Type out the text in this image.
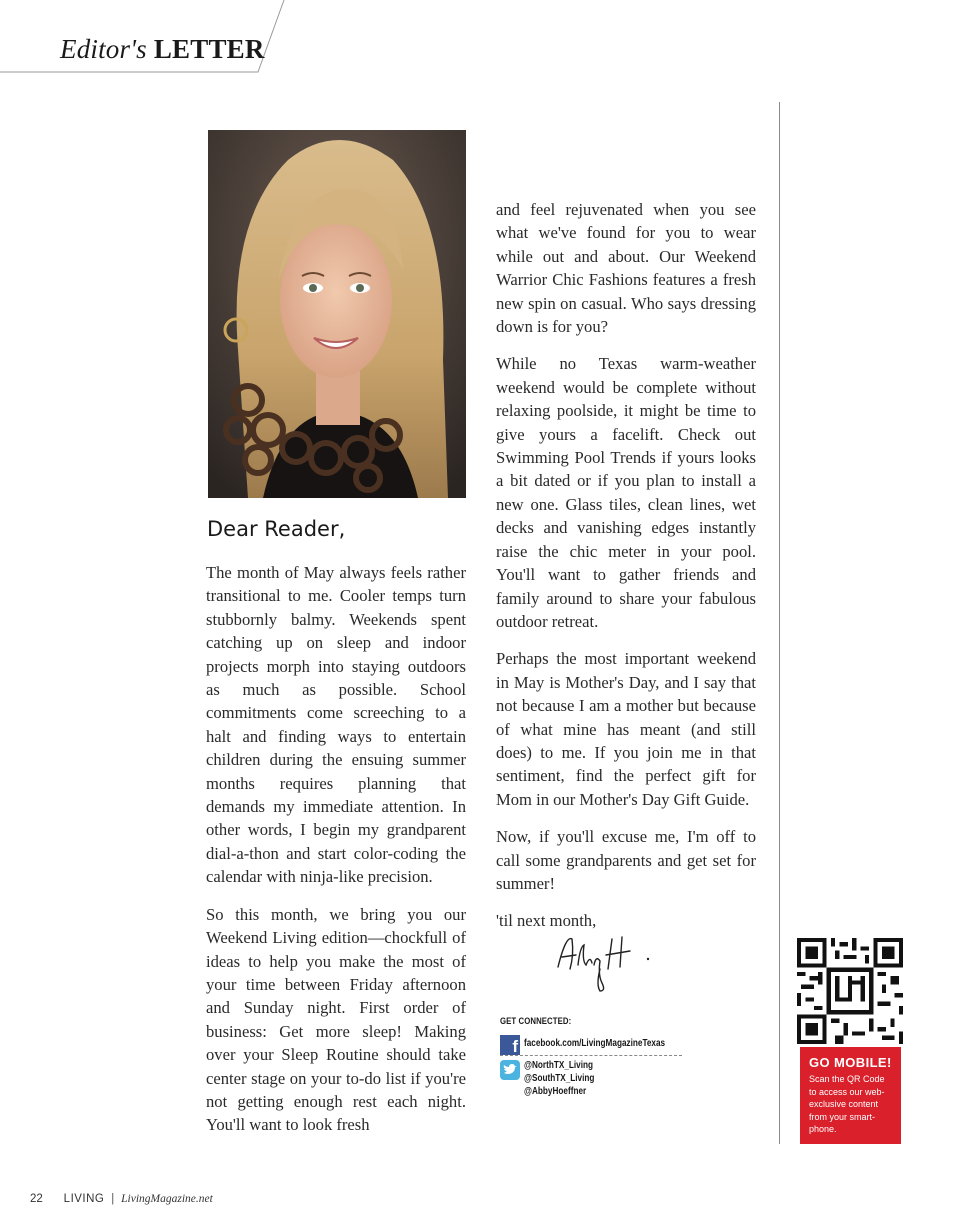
Editor's LETTER
Dear Reader,

The month of May always feels rather transitional to me. Cooler temps turn stubbornly balmy. Weekends spent catching up on sleep and indoor projects morph into staying outdoors as much as possible. School commitments come screeching to a halt and finding ways to entertain children during the ensuing summer months requires planning that demands my immediate attention. In other words, I begin my grandparent dial-a-thon and start color-coding the calendar with ninja-like precision.

So this month, we bring you our Weekend Living edition—chockfull of ideas to help you make the most of your time between Friday afternoon and Sunday night. First order of business: Get more sleep! Making over your Sleep Routine should take center stage on your to-do list if you're not getting enough rest each night. You'll want to look fresh

and feel rejuvenated when you see what we've found for you to wear while out and about. Our Weekend Warrior Chic Fashions features a fresh new spin on casual. Who says dressing down is for you?

While no Texas warm-weather weekend would be complete without relaxing poolside, it might be time to give yours a facelift. Check out Swimming Pool Trends if yours looks a bit dated or if you plan to install a new one. Glass tiles, clean lines, wet decks and vanishing edges instantly raise the chic meter in your pool. You'll want to gather friends and family around to share your fabulous outdoor retreat.

Perhaps the most important weekend in May is Mother's Day, and I say that not because I am a mother but because of what mine has meant (and still does) to me. If you join me in that sentiment, find the perfect gift for Mom in our Mother's Day Gift Guide.

Now, if you'll excuse me, I'm off to call some grandparents and get set for summer!

'til next month,

GET CONNECTED:
f facebook.com/LivingMagazineTexas
@NorthTX_Living
@SouthTX_Living
@AbbyHoeffner
GO MOBILE!
Scan the QR Code to access our web-exclusive content from your smart-phone.
22 LIVING | LivingMagazine.net
